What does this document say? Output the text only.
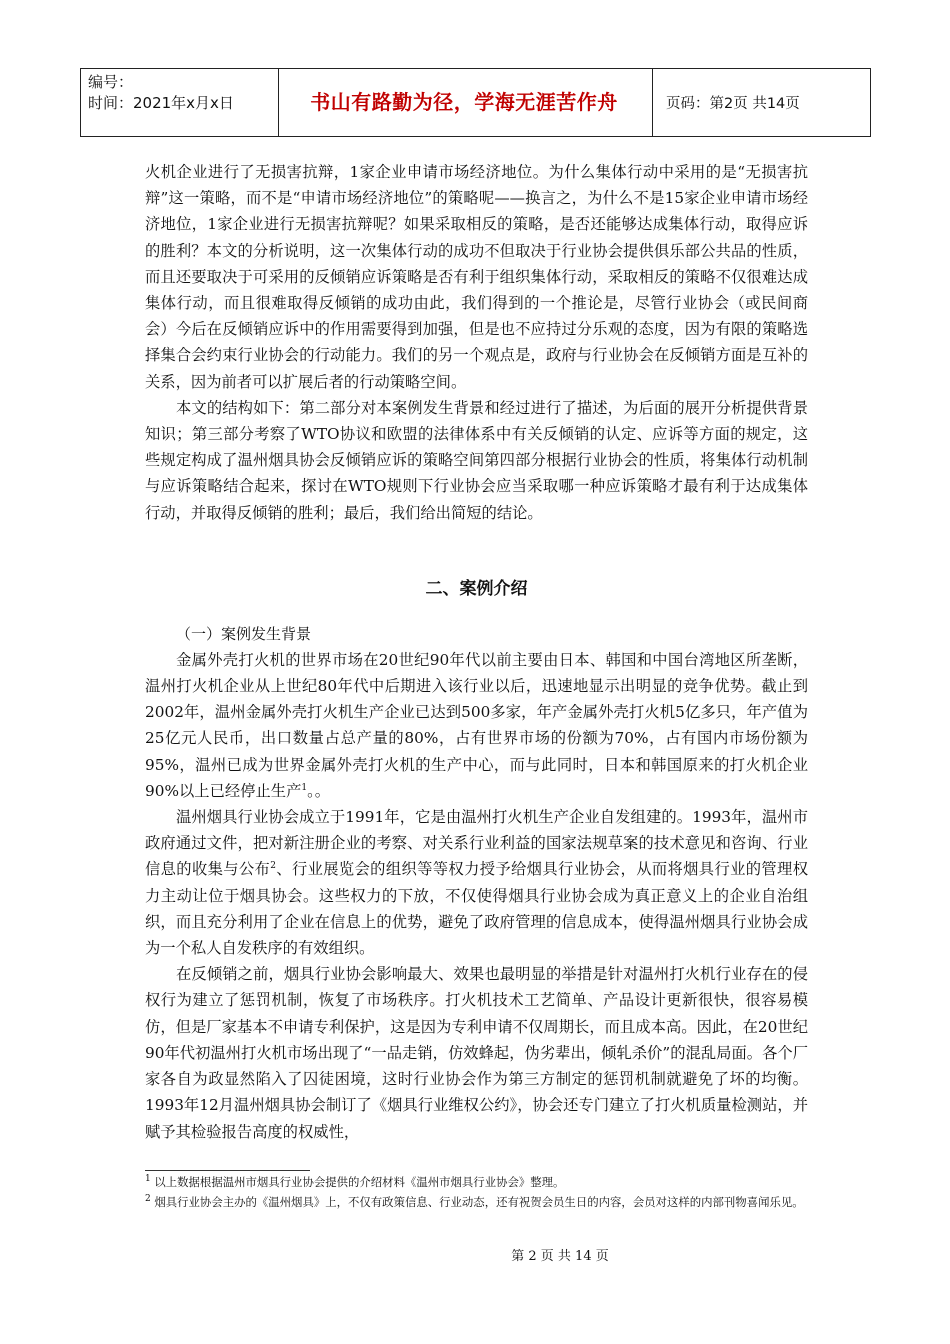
编号：
时间：2021年x月x日	书山有路勤为径，学海无涯苦作舟	页码：第2页 共14页

火机企业进行了无损害抗辩，1家企业申请市场经济地位。为什么集体行动中采用的是“无损害抗辩”这一策略，而不是“申请市场经济地位”的策略呢——换言之，为什么不是15家企业申请市场经济地位，1家企业进行无损害抗辩呢？如果采取相反的策略，是否还能够达成集体行动，取得应诉的胜利？本文的分析说明，这一次集体行动的成功不但取决于行业协会提供俱乐部公共品的性质，而且还要取决于可采用的反倾销应诉策略是否有利于组织集体行动，采取相反的策略不仅很难达成集体行动，而且很难取得反倾销的成功由此，我们得到的一个推论是，尽管行业协会（或民间商会）今后在反倾销应诉中的作用需要得到加强，但是也不应持过分乐观的态度，因为有限的策略选择集合会约束行业协会的行动能力。我们的另一个观点是，政府与行业协会在反倾销方面是互补的关系，因为前者可以扩展后者的行动策略空间。

本文的结构如下：第二部分对本案例发生背景和经过进行了描述，为后面的展开分析提供背景知识；第三部分考察了WTO协议和欧盟的法律体系中有关反倾销的认定、应诉等方面的规定，这些规定构成了温州烟具协会反倾销应诉的策略空间第四部分根据行业协会的性质，将集体行动机制与应诉策略结合起来，探讨在WTO规则下行业协会应当采取哪一种应诉策略才最有利于达成集体行动，并取得反倾销的胜利；最后，我们给出简短的结论。

二、案例介绍

（一）案例发生背景

金属外壳打火机的世界市场在20世纪90年代以前主要由日本、韩国和中国台湾地区所垄断，温州打火机企业从上世纪80年代中后期进入该行业以后，迅速地显示出明显的竞争优势。截止到2002年，温州金属外壳打火机生产企业已达到500多家，年产金属外壳打火机5亿多只，年产值为25亿元人民币，出口数量占总产量的80%，占有世界市场的份额为70%，占有国内市场份额为95%，温州已成为世界金属外壳打火机的生产中心，而与此同时，日本和韩国原来的打火机企业90%以上已经停止生产$^1$。。

温州烟具行业协会成立于1991年，它是由温州打火机生产企业自发组建的。1993年，温州市政府通过文件，把对新注册企业的考察、对关系行业利益的国家法规草案的技术意见和咨询、行业信息的收集与公布$^2$、行业展览会的组织等等权力授予给烟具行业协会，从而将烟具行业的管理权力主动让位于烟具协会。这些权力的下放，不仅使得烟具行业协会成为真正意义上的企业自治组织，而且充分利用了企业在信息上的优势，避免了政府管理的信息成本，使得温州烟具行业协会成为一个私人自发秩序的有效组织。

在反倾销之前，烟具行业协会影响最大、效果也最明显的举措是针对温州打火机行业存在的侵权行为建立了惩罚机制，恢复了市场秩序。打火机技术工艺简单、产品设计更新很快，很容易模仿，但是厂家基本不申请专利保护，这是因为专利申请不仅周期长，而且成本高。因此，在20世纪90年代初温州打火机市场出现了“一品走销，仿效蜂起，伪劣辈出，倾轧杀价”的混乱局面。各个厂家各自为政显然陷入了囚徒困境，这时行业协会作为第三方制定的惩罚机制就避免了坏的均衡。1993年12月温州烟具协会制订了《烟具行业维权公约》，协会还专门建立了打火机质量检测站，并赋予其检验报告高度的权威性，

$^1$ 以上数据根据温州市烟具行业协会提供的介绍材料《温州市烟具行业协会》整理。
$^2$ 烟具行业协会主办的《温州烟具》上，不仅有政策信息、行业动态，还有祝贺会员生日的内容，会员对这样的内部刊物喜闻乐见。
第 2 页 共 14 页
